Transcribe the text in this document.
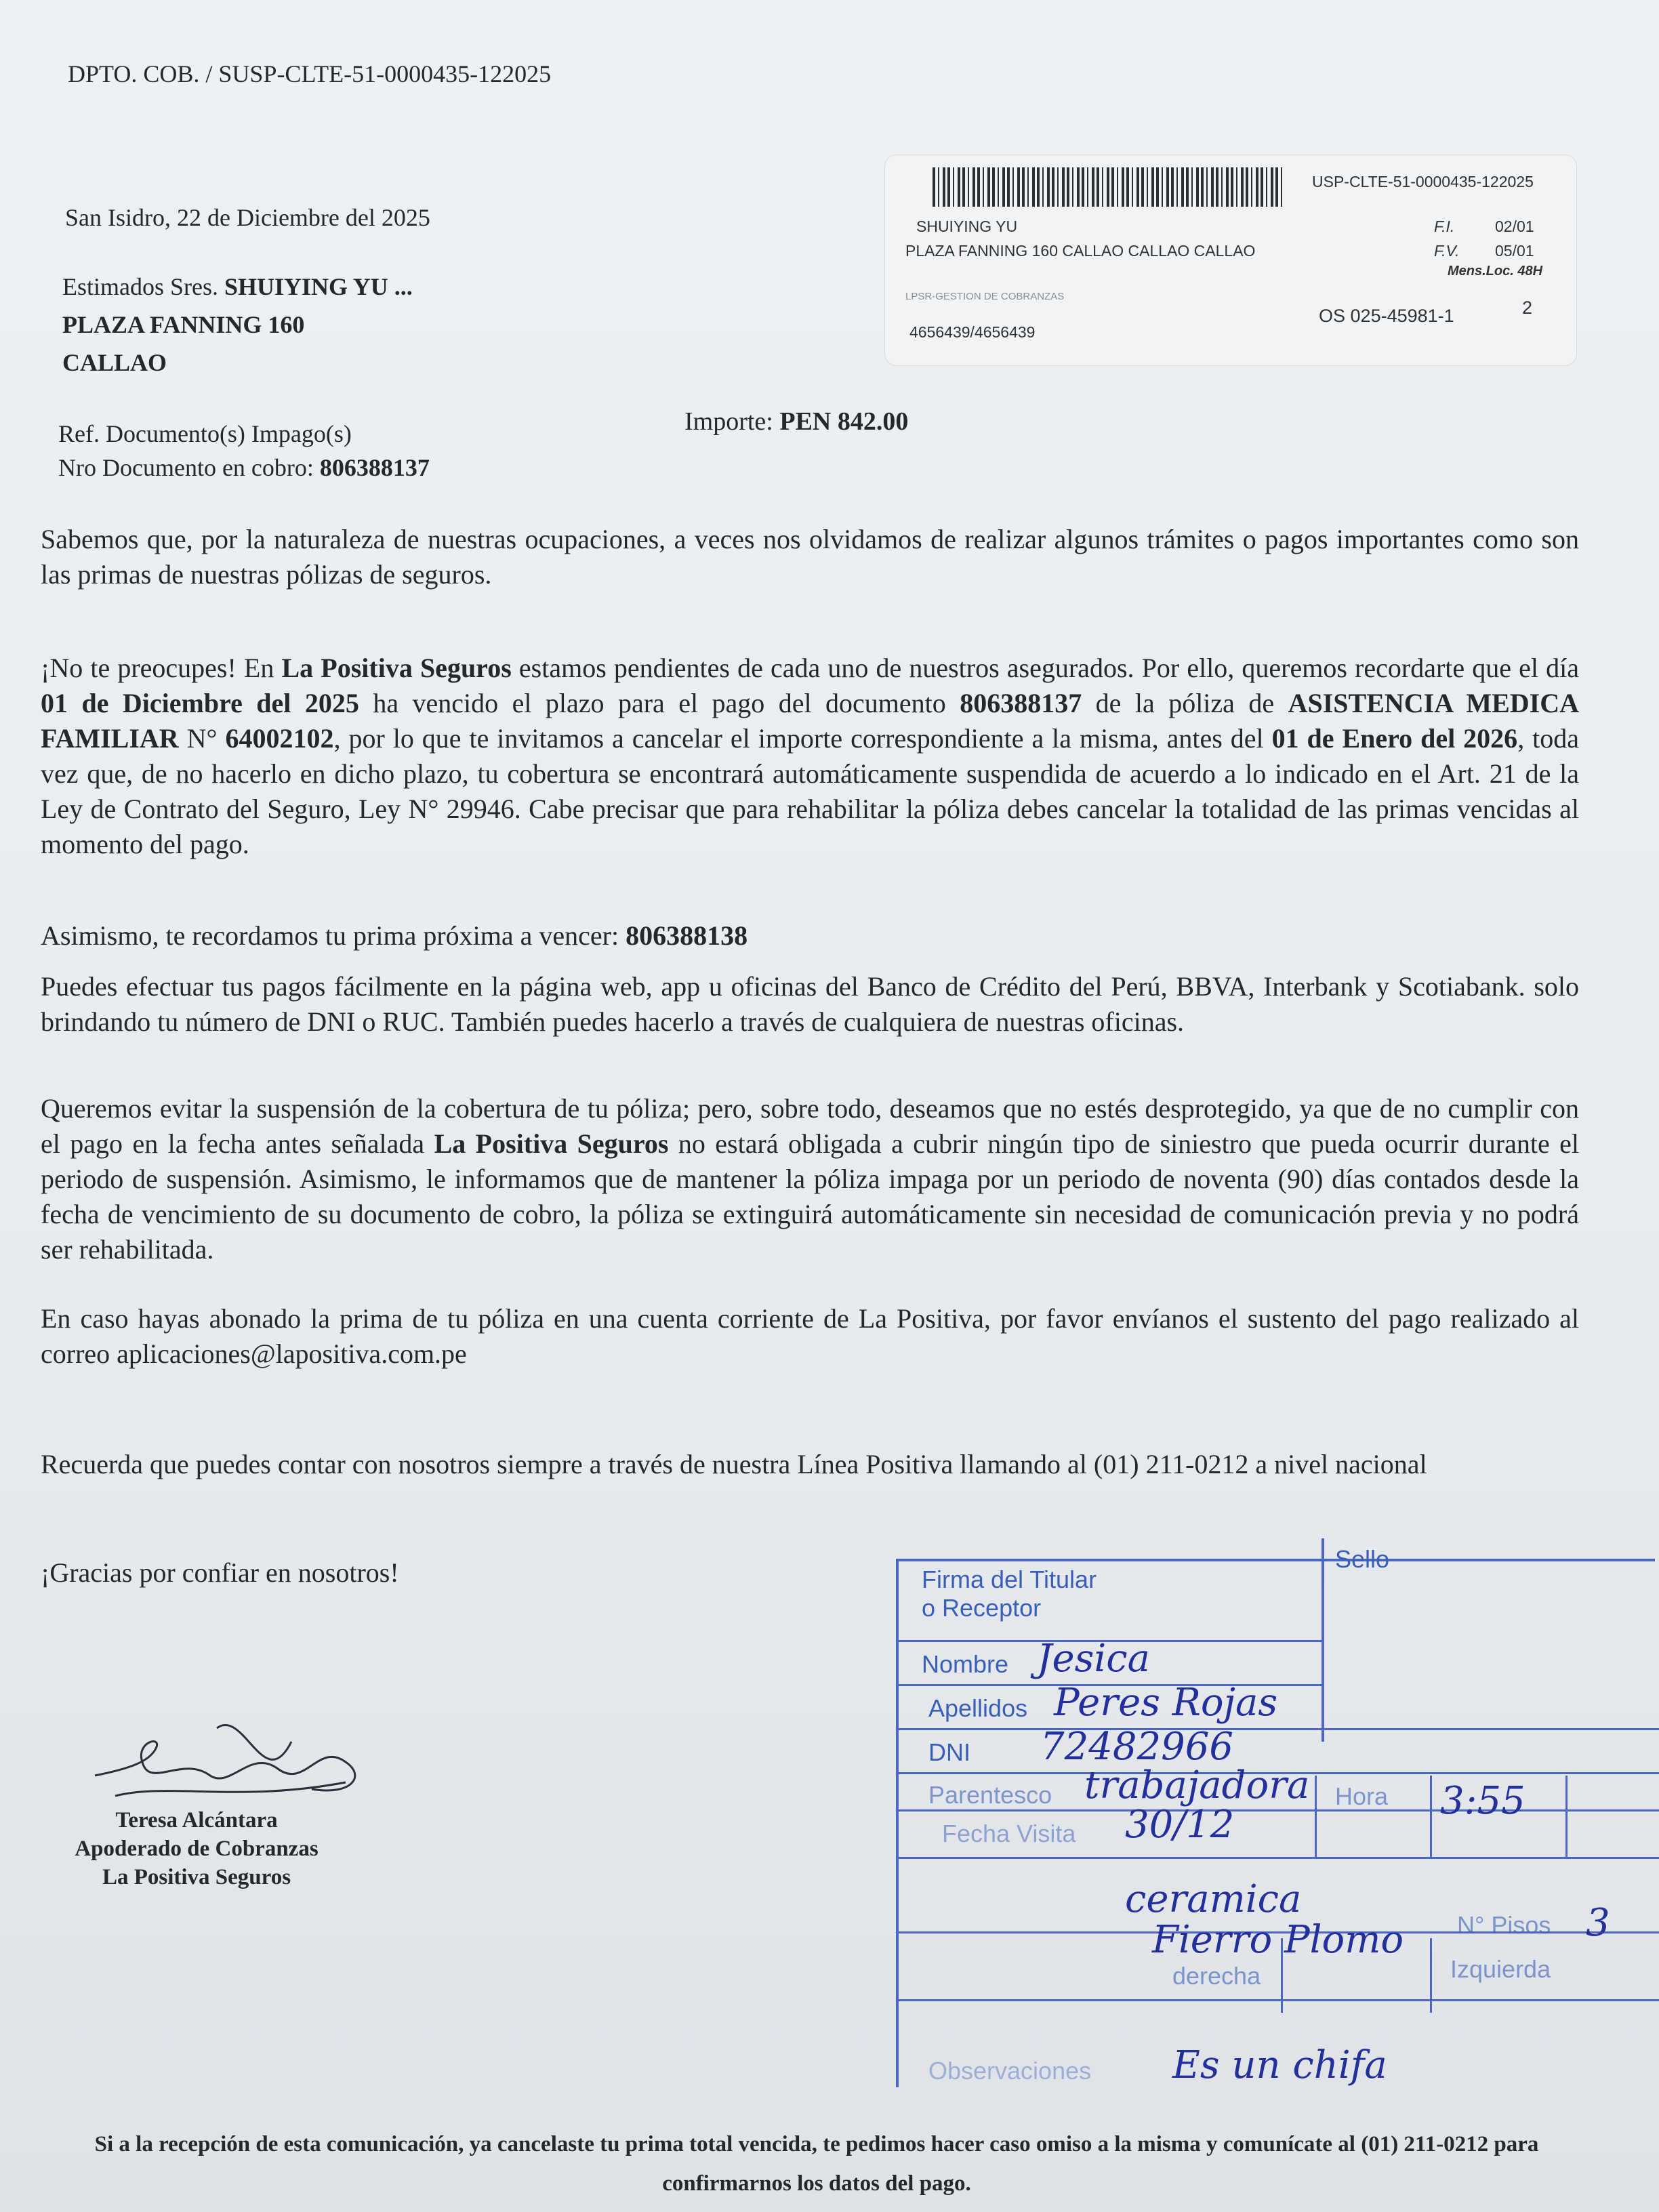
DPTO. COB. / SUSP-CLTE-51-0000435-122025
San Isidro, 22 de Diciembre del 2025
Estimados Sres. SHUIYING YU ...
PLAZA FANNING 160
CALLAO
Ref. Documento(s) Impago(s)
Nro Documento en cobro: 806388137
Importe: PEN 842.00
USP-CLTE-51-0000435-122025
SHUIYING YU
PLAZA FANNING 160 CALLAO CALLAO CALLAO
F.I.	02/01
F.V. 05/01
Mens.Loc. 48H
LPSR-GESTION DE COBRANZAS
4656439/4656439
OS 025-45981-1	2
Sabemos que, por la naturaleza de nuestras ocupaciones, a veces nos olvidamos de realizar algunos trámites o pagos importantes como son las primas de nuestras pólizas de seguros.
¡No te preocupes! En La Positiva Seguros estamos pendientes de cada uno de nuestros asegurados. Por ello, queremos recordarte que el día 01 de Diciembre del 2025 ha vencido el plazo para el pago del documento 806388137 de la póliza de ASISTENCIA MEDICA FAMILIAR N° 64002102, por lo que te invitamos a cancelar el importe correspondiente a la misma, antes del 01 de Enero del 2026, toda vez que, de no hacerlo en dicho plazo, tu cobertura se encontrará automáticamente suspendida de acuerdo a lo indicado en el Art. 21 de la Ley de Contrato del Seguro, Ley N° 29946. Cabe precisar que para rehabilitar la póliza debes cancelar la totalidad de las primas vencidas al momento del pago.
Asimismo, te recordamos tu prima próxima a vencer: 806388138
Puedes efectuar tus pagos fácilmente en la página web, app u oficinas del Banco de Crédito del Perú, BBVA, Interbank y Scotiabank. solo brindando tu número de DNI o RUC. También puedes hacerlo a través de cualquiera de nuestras oficinas.
Queremos evitar la suspensión de la cobertura de tu póliza; pero, sobre todo, deseamos que no estés desprotegido, ya que de no cumplir con el pago en la fecha antes señalada La Positiva Seguros no estará obligada a cubrir ningún tipo de siniestro que pueda ocurrir durante el periodo de suspensión. Asimismo, le informamos que de mantener la póliza impaga por un periodo de noventa (90) días contados desde la fecha de vencimiento de su documento de cobro, la póliza se extinguirá automáticamente sin necesidad de comunicación previa y no podrá ser rehabilitada.
En caso hayas abonado la prima de tu póliza en una cuenta corriente de La Positiva, por favor envíanos el sustento del pago realizado al correo aplicaciones@lapositiva.com.pe
Recuerda que puedes contar con nosotros siempre a través de nuestra Línea Positiva llamando al (01) 211-0212 a nivel nacional
¡Gracias por confiar en nosotros!
Teresa Alcántara
Apoderado de Cobranzas
La Positiva Seguros
Firma del Titular
o Receptor
Sello
Nombre Jesica
Apellidos Peres Rojas
DNI 72482966
Parentesco trabajadora Hora 3:55
Fecha Visita 30/12
ceramica
Fierro Plomo N° Pisos 3
derecha	Izquierda
Observaciones Es un chifa
Si a la recepción de esta comunicación, ya cancelaste tu prima total vencida, te pedimos hacer caso omiso a la misma y comunícate al (01) 211-0212 para confirmarnos los datos del pago.
